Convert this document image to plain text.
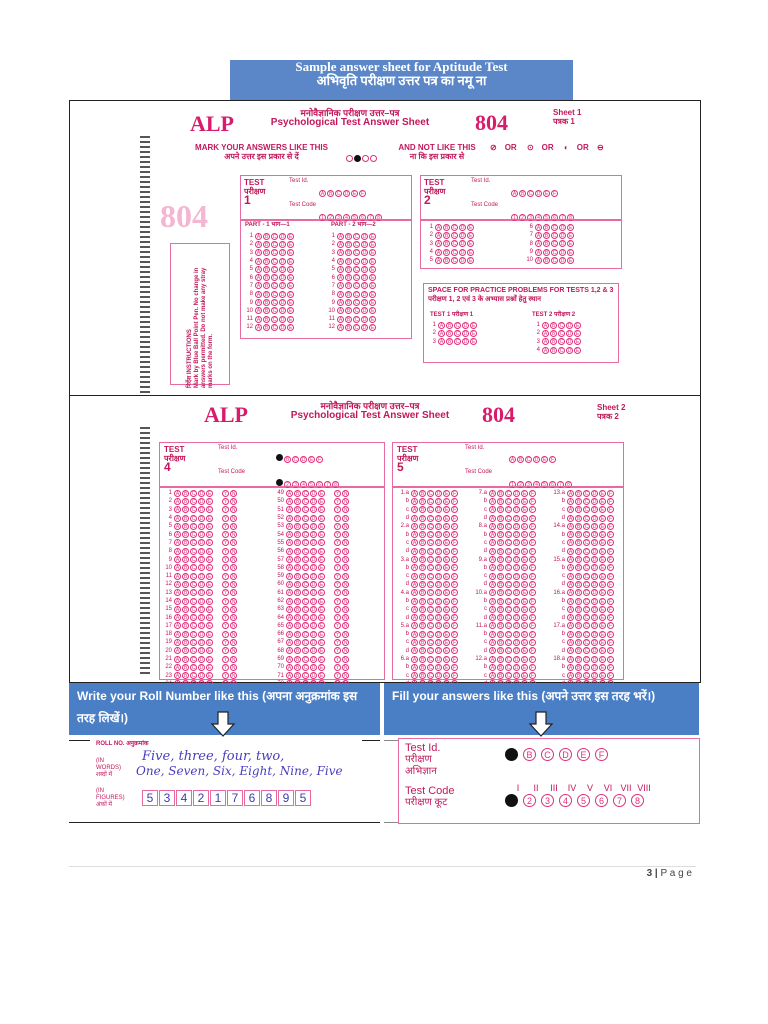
Sample answer sheet for Aptitude Test
अभिवृति परीक्षण उत्तर पत्र का नमू ना
ALP	मनोवैज्ञानिक परीक्षण उत्तर–पत्र
Psychological Test Answer Sheet	804	Sheet 1
पत्रक 1
MARK YOUR ANSWERS LIKE THIS
अपने उत्तर इस प्रकार से दें
AND NOT LIKE THIS
ना कि इस प्रकार से
⊘ OR ⊙ OR ◐ OR ⊖
804
TEST
परीक्षण
1
Test Id.
A B C D E F
Test Code
1 2 3 4 5 6 7 8
PART - 1 भाग—1	PART - 2 भाग—2
1 A B C D E
2 A B C D E
3 A B C D E
4 A B C D E
5 A B C D E
6 A B C D E
7 A B C D E
8 A B C D E
9 A B C D E
10 A B C D E
11 A B C D E
12 A B C D E
1 A B C D E
2 A B C D E
3 A B C D E
4 A B C D E
5 A B C D E
6 A B C D E
7 A B C D E
8 A B C D E
9 A B C D E
10 A B C D E
11 A B C D E
12 A B C D E
TEST
परीक्षण
2
Test Id.
A B C D E F
Test Code
1 2 3 4 5 6 7 8
1 A B C D E
2 A B C D E
3 A B C D E
4 A B C D E
5 A B C D E
6 A B C D E
7 A B C D E
8 A B C D E
9 A B C D E
10 A B C D E
SPACE FOR PRACTICE PROBLEMS FOR TESTS 1,2 & 3
परीक्षण 1, 2 एवं 3 के अभ्यास प्रश्नों हेतु स्थान
TEST 1 परीक्षण 1	TEST 2 परीक्षण 2
1 A B C D E
2 A B C D E
3 A B C D E
1 A B C D E
2 A B C D E
3 A B C D E
4 A B C D E
निर्देश INSTRUCTIONS Mark by Blue Ball Point Pen. No change in answers permitted. Do not make any stray marks on the form.
ALP	मनोवैज्ञानिक परीक्षण उत्तर–पत्र
Psychological Test Answer Sheet	804	Sheet 2
पत्रक 2
TEST
परीक्षण
4
Test Id.
B C D E F
Test Code
2 3 4 5 6 7 8
1 A B C D E	Y N
2 A B C D E	Y N
3 A B C D E	Y N
4 A B C D E	Y N
5 A B C D E	Y N
6 A B C D E	Y N
7 A B C D E	Y N
8 A B C D E	Y N
9 A B C D E	Y N
10 A B C D E	Y N
11 A B C D E	Y N
12 A B C D E	Y N
13 A B C D E	Y N
14 A B C D E	Y N
15 A B C D E	Y N
16 A B C D E	Y N
17 A B C D E	Y N
18 A B C D E	Y N
19 A B C D E	Y N
20 A B C D E	Y N
21 A B C D E	Y N
22 A B C D E	Y N
23 A B C D E	Y N
49 A B C D E	Y N
50 A B C D E	Y N
51 A B C D E	Y N
52 A B C D E	Y N
53 A B C D E	Y N
54 A B C D E	Y N
55 A B C D E	Y N
56 A B C D E	Y N
57 A B C D E	Y N
58 A B C D E	Y N
59 A B C D E	Y N
60 A B C D E	Y N
61 A B C D E	Y N
62 A B C D E	Y N
63 A B C D E	Y N
64 A B C D E	Y N
65 A B C D E	Y N
66 A B C D E	Y N
67 A B C D E	Y N
68 A B C D E	Y N
69 A B C D E	Y N
70 A B C D E	Y N
71 A B C D E	Y N
TEST
परीक्षण
5
Test Id.
A B C D E F
Test Code
1 2 3 4 5 6 7 8
1.a A B C D E F
b A B C D E F
c A B C D E F
d A B C D E F
2.a A B C D E F
b A B C D E F
c A B C D E F
d A B C D E F
3.a A B C D E F
b A B C D E F
c A B C D E F
d A B C D E F
4.a A B C D E F
b A B C D E F
c A B C D E F
d A B C D E F
5.a A B C D E F
b A B C D E F
c A B C D E F
d A B C D E F
6.a A B C D E F
b A B C D E F
c A B C D E F
7.a A B C D E F
b A B C D E F
c A B C D E F
d A B C D E F
8.a A B C D E F
b A B C D E F
c A B C D E F
d A B C D E F
9.a A B C D E F
b A B C D E F
c A B C D E F
d A B C D E F
10.a A B C D E F
b A B C D E F
c A B C D E F
d A B C D E F
11.a A B C D E F
b A B C D E F
c A B C D E F
d A B C D E F
12.a A B C D E F
b A B C D E F
c A B C D E F
13.a A B C D E F
b A B C D E F
c A B C D E F
d A B C D E F
14.a A B C D E F
b A B C D E F
c A B C D E F
d A B C D E F
15.a A B C D E F
b A B C D E F
c A B C D E F
d A B C D E F
16.a A B C D E F
b A B C D E F
c A B C D E F
d A B C D E F
17.a A B C D E F
b A B C D E F
c A B C D E F
d A B C D E F
18.a A B C D E F
b A B C D E F
c A B C D E F
Write your Roll Number like this (अपना अनुक्रमांक इस तरह लिखें।)
Fill your answers like this (अपने उत्तर इस तरह भरें।)
ROLL NO. अनुक्रमांक
(IN WORDS) शब्दों में
Five, three, four, two,
One, Seven, Six, Eight, Nine, Five
(IN FIGURES) अंकों में	5 3 4 2 1 7 6 8 9 5
Test Id.
परीक्षण अभिज्ञान
B	C	D	E	F
I	II	III	IV	V	VI VII VIII
Test Code
परीक्षण कूट	2	3	4	5	6	7	8
3 | P a g e
